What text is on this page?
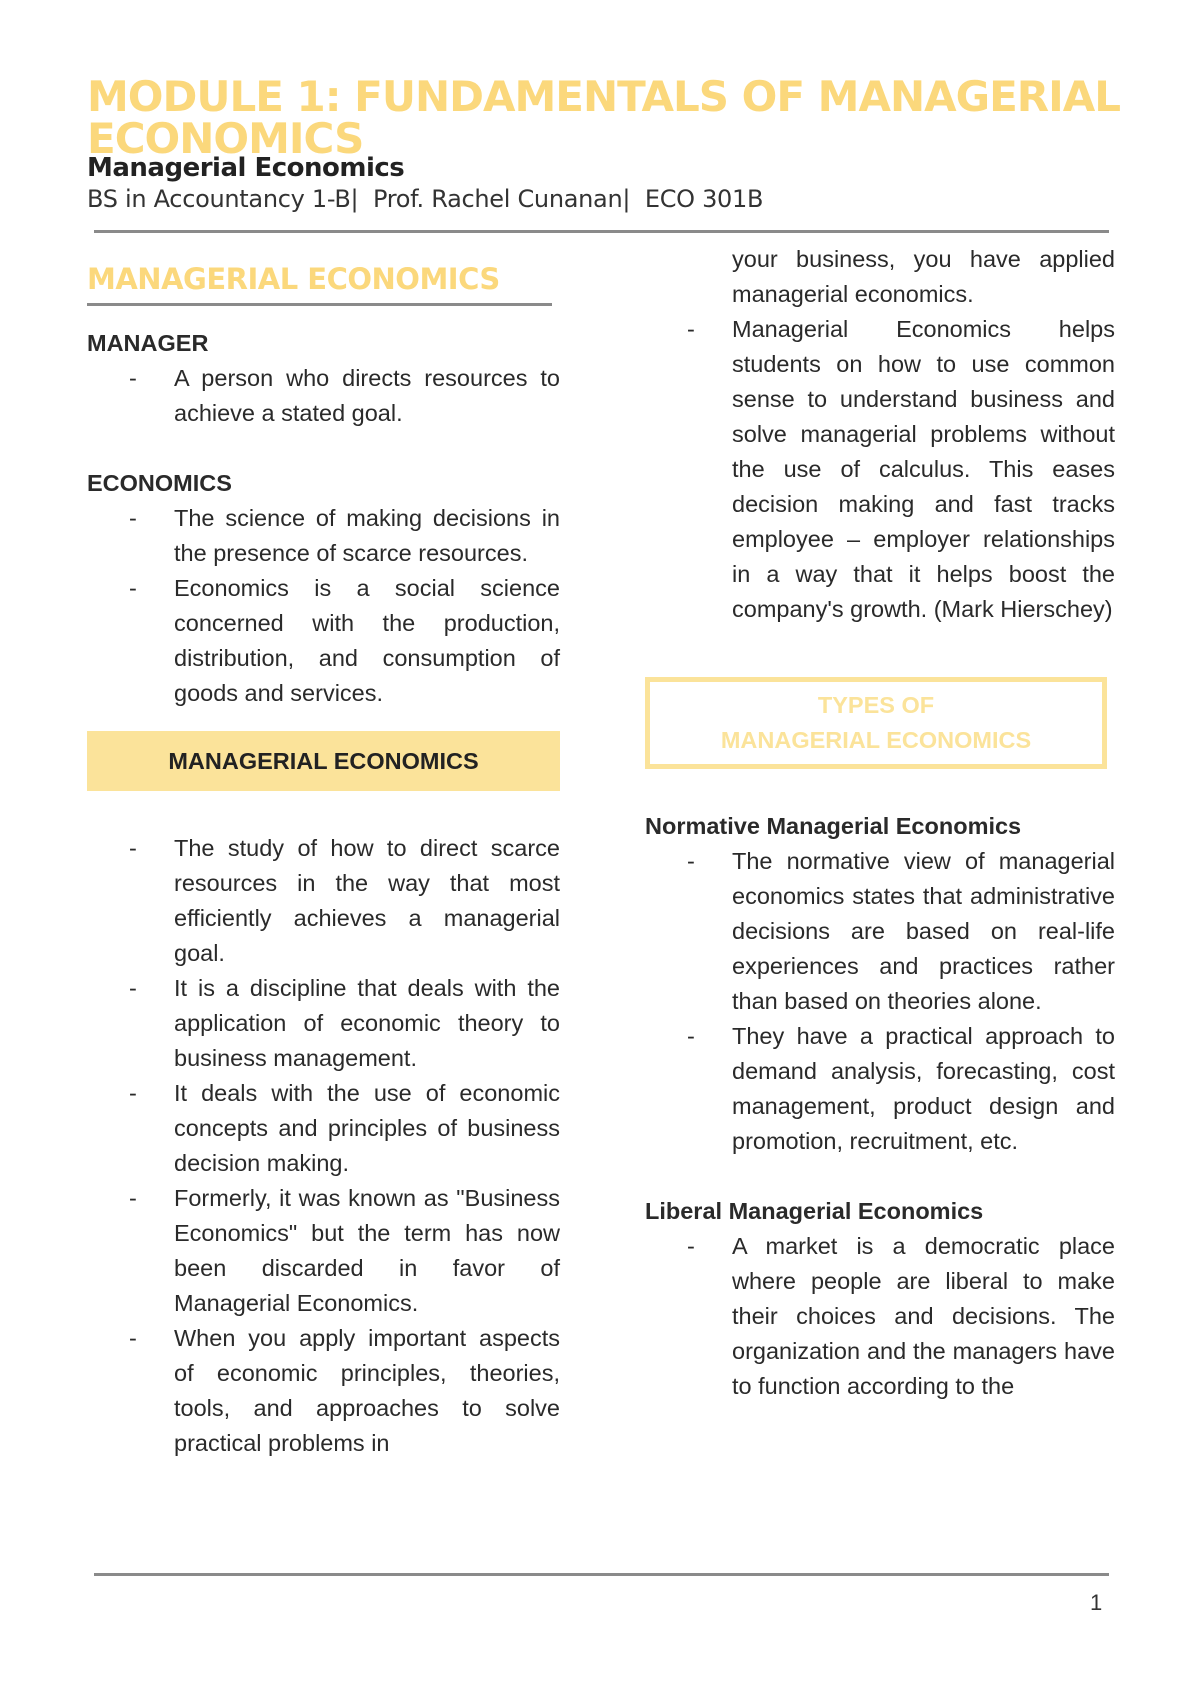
MODULE 1: FUNDAMENTALS OF MANAGERIAL ECONOMICS
Managerial Economics
BS in Accountancy 1-B| Prof. Rachel Cunanan| ECO 301B
MANAGERIAL ECONOMICS

MANAGER

- A person who directs resources to achieve a stated goal.

ECONOMICS

- The science of making decisions in the presence of scarce resources.
- Economics is a social science concerned with the production, distribution, and consumption of goods and services.
MANAGERIAL ECONOMICS
- The study of how to direct scarce resources in the way that most efficiently achieves a managerial goal.
- It is a discipline that deals with the application of economic theory to business management.
- It deals with the use of economic concepts and principles of business decision making.
- Formerly, it was known as "Business Economics" but the term has now been discarded in favor of Managerial Economics.
- When you apply important aspects of economic principles, theories, tools, and approaches to solve practical problems in
your business, you have applied managerial economics.
- Managerial Economics helps students on how to use common sense to understand business and solve managerial problems without the use of calculus. This eases decision making and fast tracks employee – employer relationships in a way that it helps boost the company's growth. (Mark Hierschey)
TYPES OF
MANAGERIAL ECONOMICS

Normative Managerial Economics

- The normative view of managerial economics states that administrative decisions are based on real-life experiences and practices rather than based on theories alone.
- They have a practical approach to demand analysis, forecasting, cost management, product design and promotion, recruitment, etc.

Liberal Managerial Economics

- A market is a democratic place where people are liberal to make their choices and decisions. The organization and the managers have to function according to the
1
